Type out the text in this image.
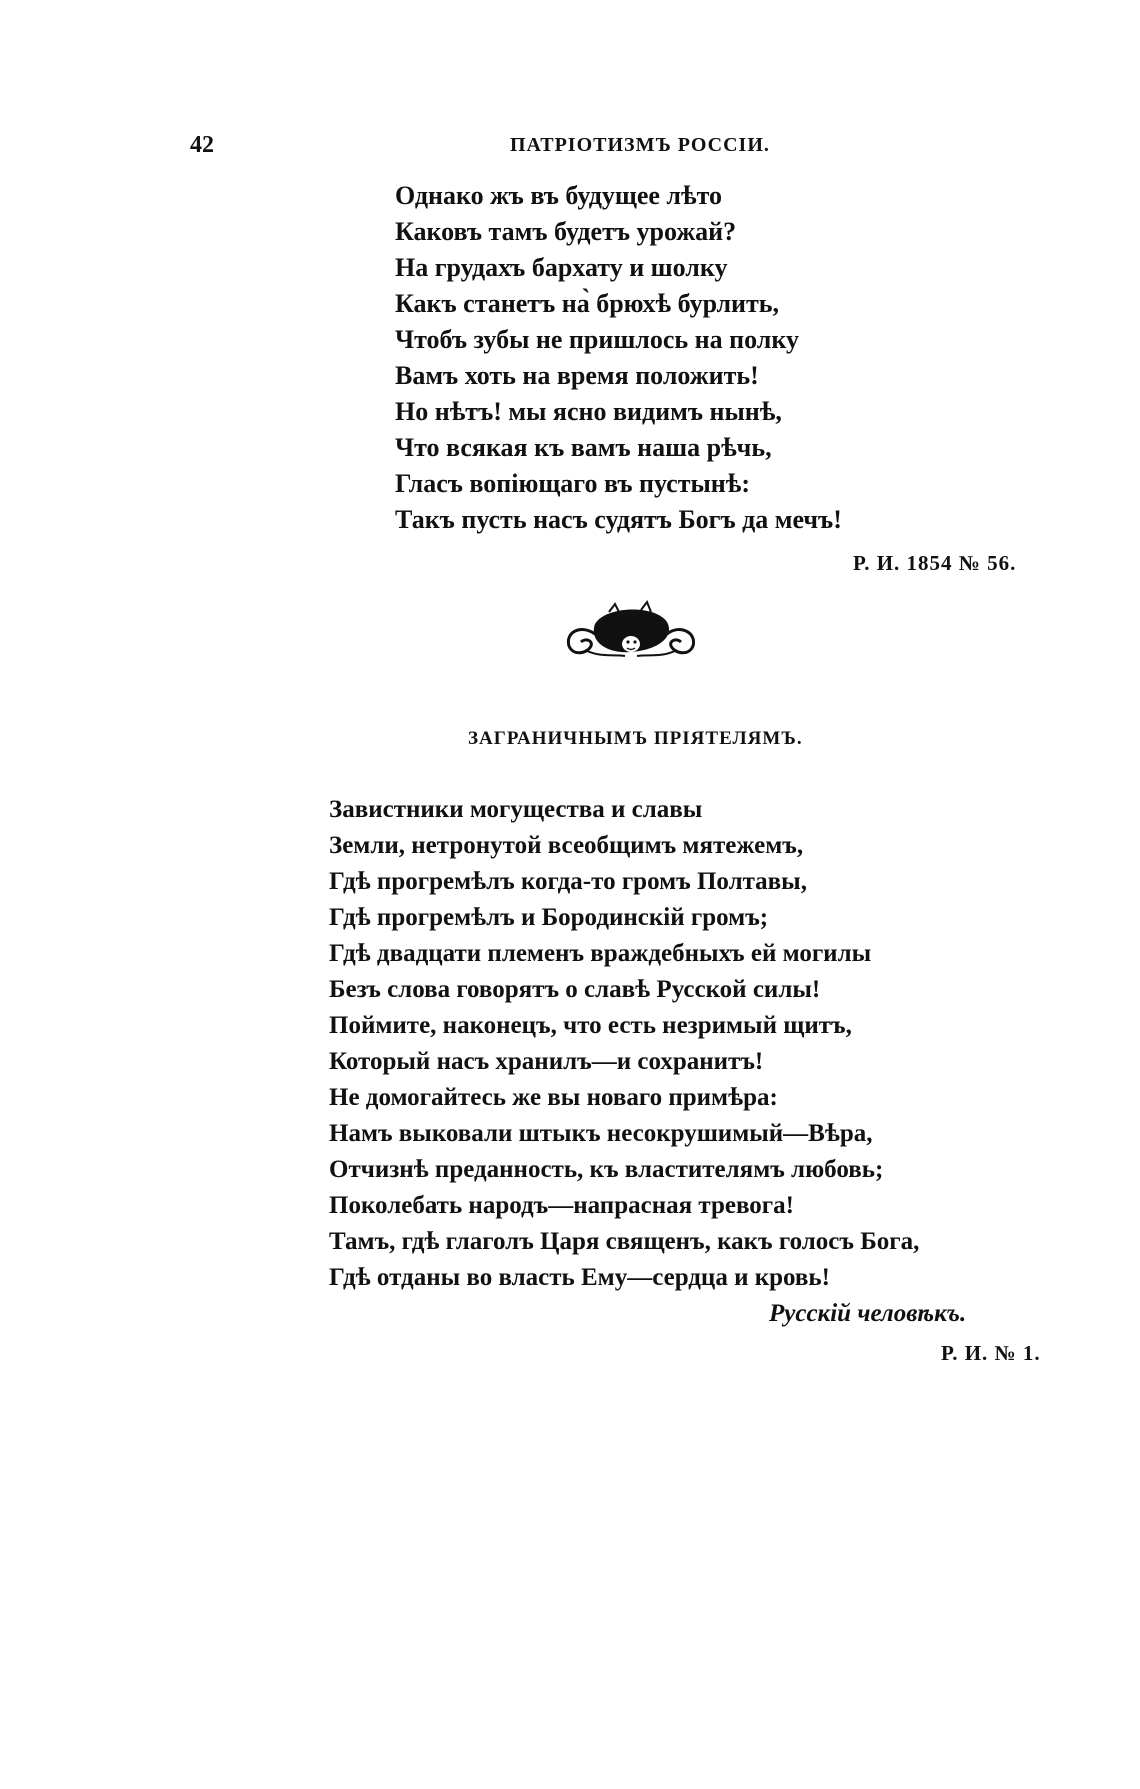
42	ПАТРІОТИЗМЪ РОССІИ.
Однако жъ въ будущее лѣто
Каковъ тамъ будетъ урожай?
На грудахъ бархату и шолку
Какъ станетъ на̀ брюхѣ бурлить,
Чтобъ зубы не пришлось на полку
Вамъ хоть на время положить!
Но нѣтъ! мы ясно видимъ нынѣ,
Что всякая къ вамъ наша рѣчь,
Гласъ вопіющаго въ пустынѣ:
Такъ пусть насъ судятъ Богъ да мечъ!
Р. И. 1854 № 56.
ЗАГРАНИЧНЫМЪ ПРІЯТЕЛЯМЪ.
Завистники могущества и славы
Земли, нетронутой всеобщимъ мятежемъ,
Гдѣ прогремѣлъ когда-то громъ Полтавы,
Гдѣ прогремѣлъ и Бородинскій громъ;
Гдѣ двадцати племенъ враждебныхъ ей могилы
Безъ слова говорятъ о славѣ Русской силы!
Поймите, наконецъ, что есть незримый щитъ,
Который насъ хранилъ—и сохранитъ!
Не домогайтесь же вы новаго примѣра:
Намъ выковали штыкъ несокрушимый—Вѣра,
Отчизнѣ преданность, къ властителямъ любовь;
Поколебать народъ—напрасная тревога!
Тамъ, гдѣ глаголъ Царя священъ, какъ голосъ Бога,
Гдѣ отданы во власть Ему—сердца и кровь!
Русскій человѣкъ.
Р. И. № 1.
